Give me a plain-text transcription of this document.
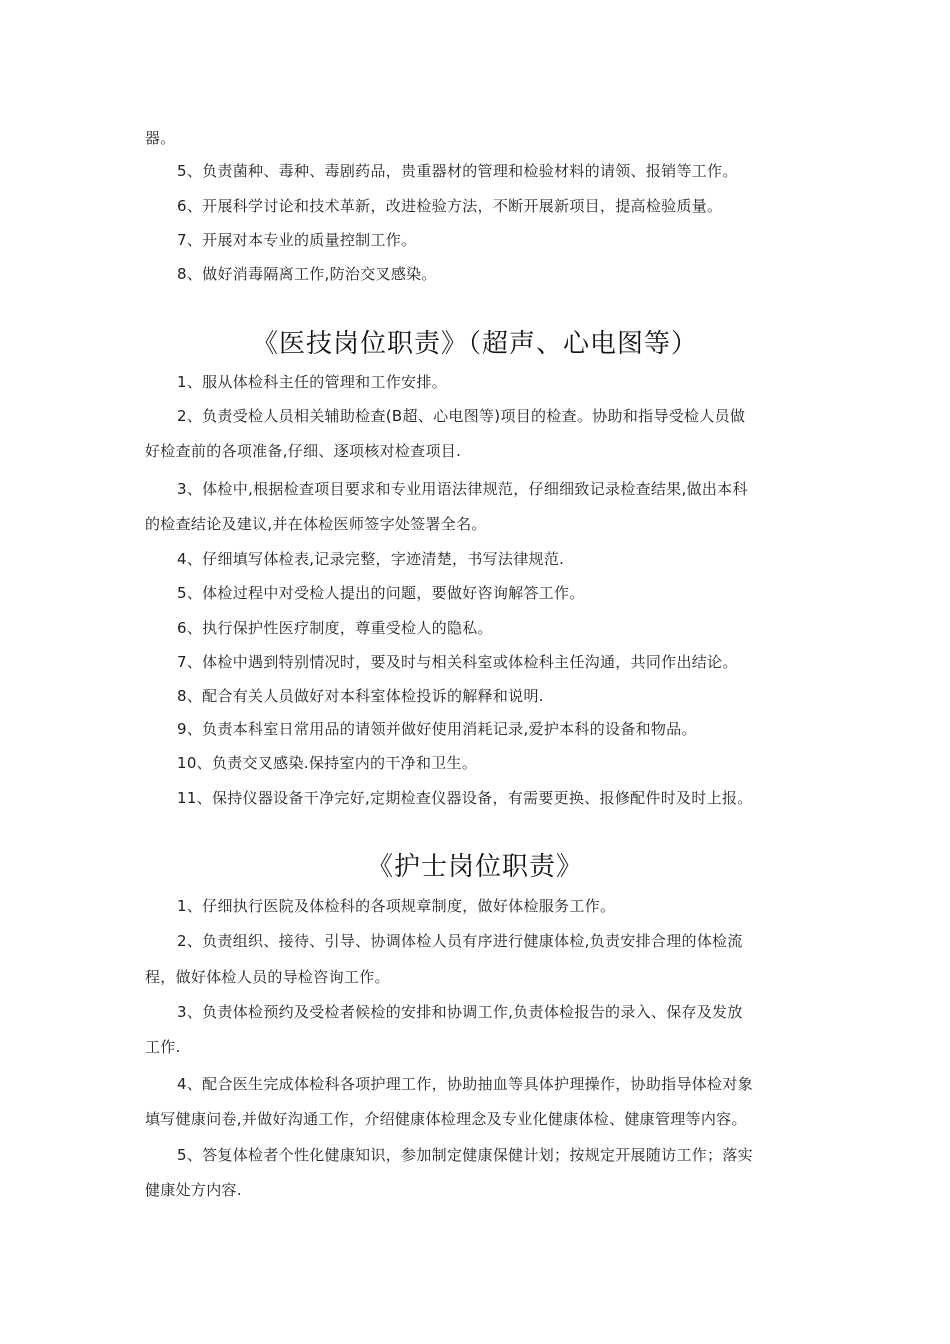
器。
5、负责菌种、毒种、毒剧药品，贵重器材的管理和检验材料的请领、报销等工作。
6、开展科学讨论和技术革新，改进检验方法，不断开展新项目，提高检验质量。
7、开展对本专业的质量控制工作。
8、做好消毒隔离工作,防治交叉感染。
《医技岗位职责》（超声、心电图等）
1、服从体检科主任的管理和工作安排。
2、负责受检人员相关辅助检查(B超、心电图等)项目的检查。协助和指导受检人员做
好检查前的各项准备,仔细、逐项核对检查项目.
3、体检中,根据检查项目要求和专业用语法律规范，仔细细致记录检查结果,做出本科
的检查结论及建议,并在体检医师签字处签署全名。
4、仔细填写体检表,记录完整，字迹清楚，书写法律规范.
5、体检过程中对受检人提出的问题，要做好咨询解答工作。
6、执行保护性医疗制度，尊重受检人的隐私。
7、体检中遇到特别情况时，要及时与相关科室或体检科主任沟通，共同作出结论。
8、配合有关人员做好对本科室体检投诉的解释和说明.
9、负责本科室日常用品的请领并做好使用消耗记录,爱护本科的设备和物品。
10、负责交叉感染.保持室内的干净和卫生。
11、保持仪器设备干净完好,定期检查仪器设备，有需要更换、报修配件时及时上报。
《护士岗位职责》
1、仔细执行医院及体检科的各项规章制度，做好体检服务工作。
2、负责组织、接待、引导、协调体检人员有序进行健康体检,负责安排合理的体检流
程，做好体检人员的导检咨询工作。
3、负责体检预约及受检者候检的安排和协调工作,负责体检报告的录入、保存及发放
工作.
4、配合医生完成体检科各项护理工作，协助抽血等具体护理操作，协助指导体检对象
填写健康问卷,并做好沟通工作，介绍健康体检理念及专业化健康体检、健康管理等内容。
5、答复体检者个性化健康知识，参加制定健康保健计划；按规定开展随访工作；落实
健康处方内容.
